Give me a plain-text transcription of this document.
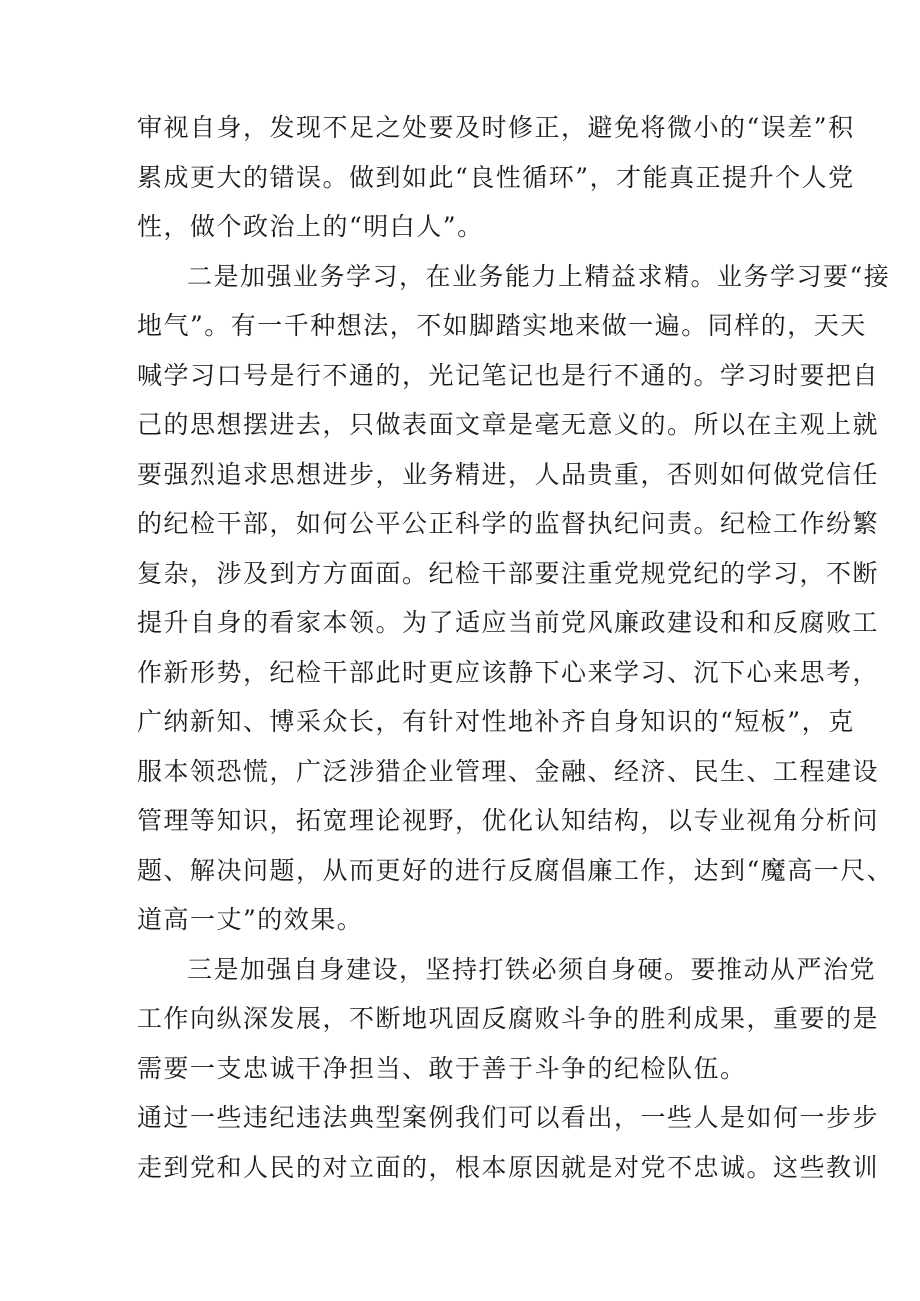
审视自身，发现不足之处要及时修正，避免将微小的“误差”积
累成更大的错误。做到如此“良性循环”，才能真正提升个人党
性，做个政治上的“明白人”。
二是加强业务学习，在业务能力上精益求精。业务学习要“接
地气”。有一千种想法，不如脚踏实地来做一遍。同样的，天天
喊学习口号是行不通的，光记笔记也是行不通的。学习时要把自
己的思想摆进去，只做表面文章是毫无意义的。所以在主观上就
要强烈追求思想进步，业务精进，人品贵重，否则如何做党信任
的纪检干部，如何公平公正科学的监督执纪问责。纪检工作纷繁
复杂，涉及到方方面面。纪检干部要注重党规党纪的学习，不断
提升自身的看家本领。为了适应当前党风廉政建设和和反腐败工
作新形势，纪检干部此时更应该静下心来学习、沉下心来思考，
广纳新知、博采众长，有针对性地补齐自身知识的“短板”，克
服本领恐慌，广泛涉猎企业管理、金融、经济、民生、工程建设
管理等知识，拓宽理论视野，优化认知结构，以专业视角分析问
题、解决问题，从而更好的进行反腐倡廉工作，达到“魔高一尺、
道高一丈”的效果。
三是加强自身建设，坚持打铁必须自身硬。要推动从严治党
工作向纵深发展，不断地巩固反腐败斗争的胜利成果，重要的是
需要一支忠诚干净担当、敢于善于斗争的纪检队伍。
通过一些违纪违法典型案例我们可以看出，一些人是如何一步步
走到党和人民的对立面的，根本原因就是对党不忠诚。这些教训
